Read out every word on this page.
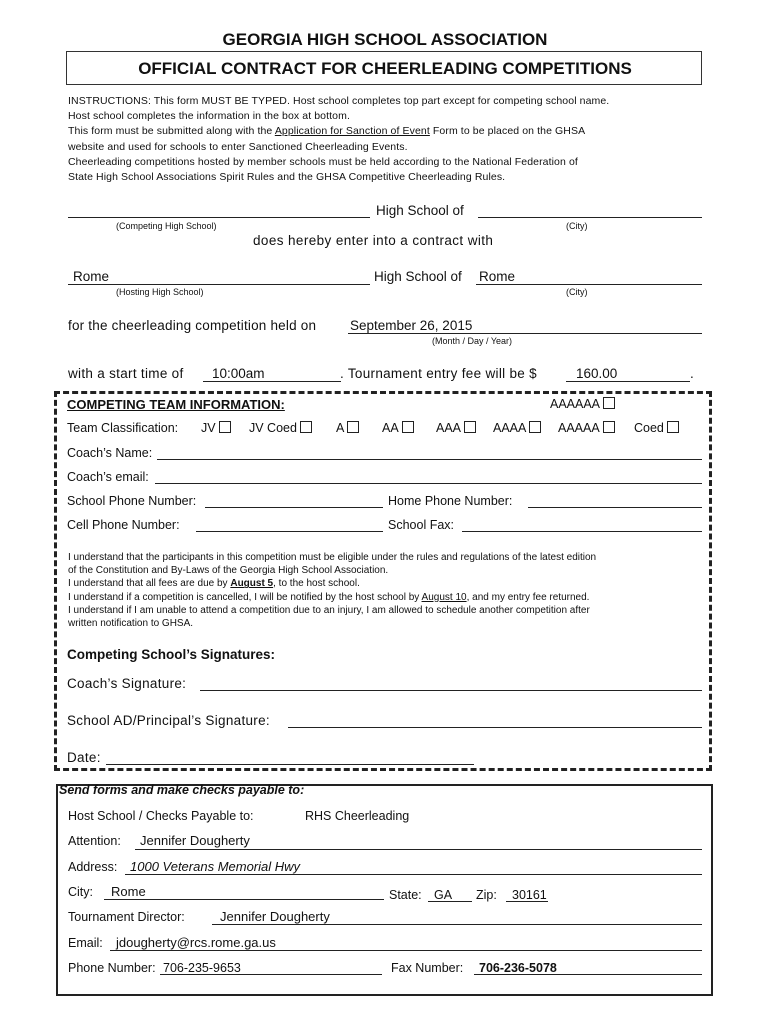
GEORGIA HIGH SCHOOL ASSOCIATION
OFFICIAL CONTRACT FOR CHEERLEADING COMPETITIONS

INSTRUCTIONS: This form MUST BE TYPED. Host school completes top part except for competing school name.

Host school completes the information in the box at bottom.

This form must be submitted along with the Application for Sanction of Event Form to be placed on the GHSA

website and used for schools to enter Sanctioned Cheerleading Events.

Cheerleading competitions hosted by member schools must be held according to the National Federation of

State High School Associations Spirit Rules and the GHSA Competitive Cheerleading Rules.

High School of
(Competing High School)	(City)
does hereby enter into a contract with
Rome	High School of Rome
(Hosting High School)	(City)
for the cheerleading competition held on	September 26, 2015
(Month / Day / Year)
with a start time of 10:00am	. Tournament entry fee will be $	160.00	.
COMPETING TEAM INFORMATION:	AAAAAA
Team Classification: JV	JV Coed	A	AA	AAA	AAAA	AAAAA	Coed
Coach’s Name:
Coach’s email:
School Phone Number:	Home Phone Number:
Cell Phone Number:	School Fax:

I understand that the participants in this competition must be eligible under the rules and regulations of the latest edition

of the Constitution and By-Laws of the Georgia High School Association.

I understand that all fees are due by August 5, to the host school.

I understand if a competition is cancelled, I will be notified by the host school by August 10, and my entry fee returned.

I understand if I am unable to attend a competition due to an injury, I am allowed to schedule another competition after

written notification to GHSA.

Competing School’s Signatures:
Coach’s Signature:
School AD/Principal’s Signature:
Date:
Send forms and make checks payable to:
Host School / Checks Payable to:	RHS Cheerleading
Attention: Jennifer Dougherty
Address: 1000 Veterans Memorial Hwy
City: Rome	State: GA Zip: 30161
Tournament Director:	Jennifer Dougherty
Email: jdougherty@rcs.rome.ga.us
Phone Number: 706-235-9653	Fax Number: 706-236-5078
